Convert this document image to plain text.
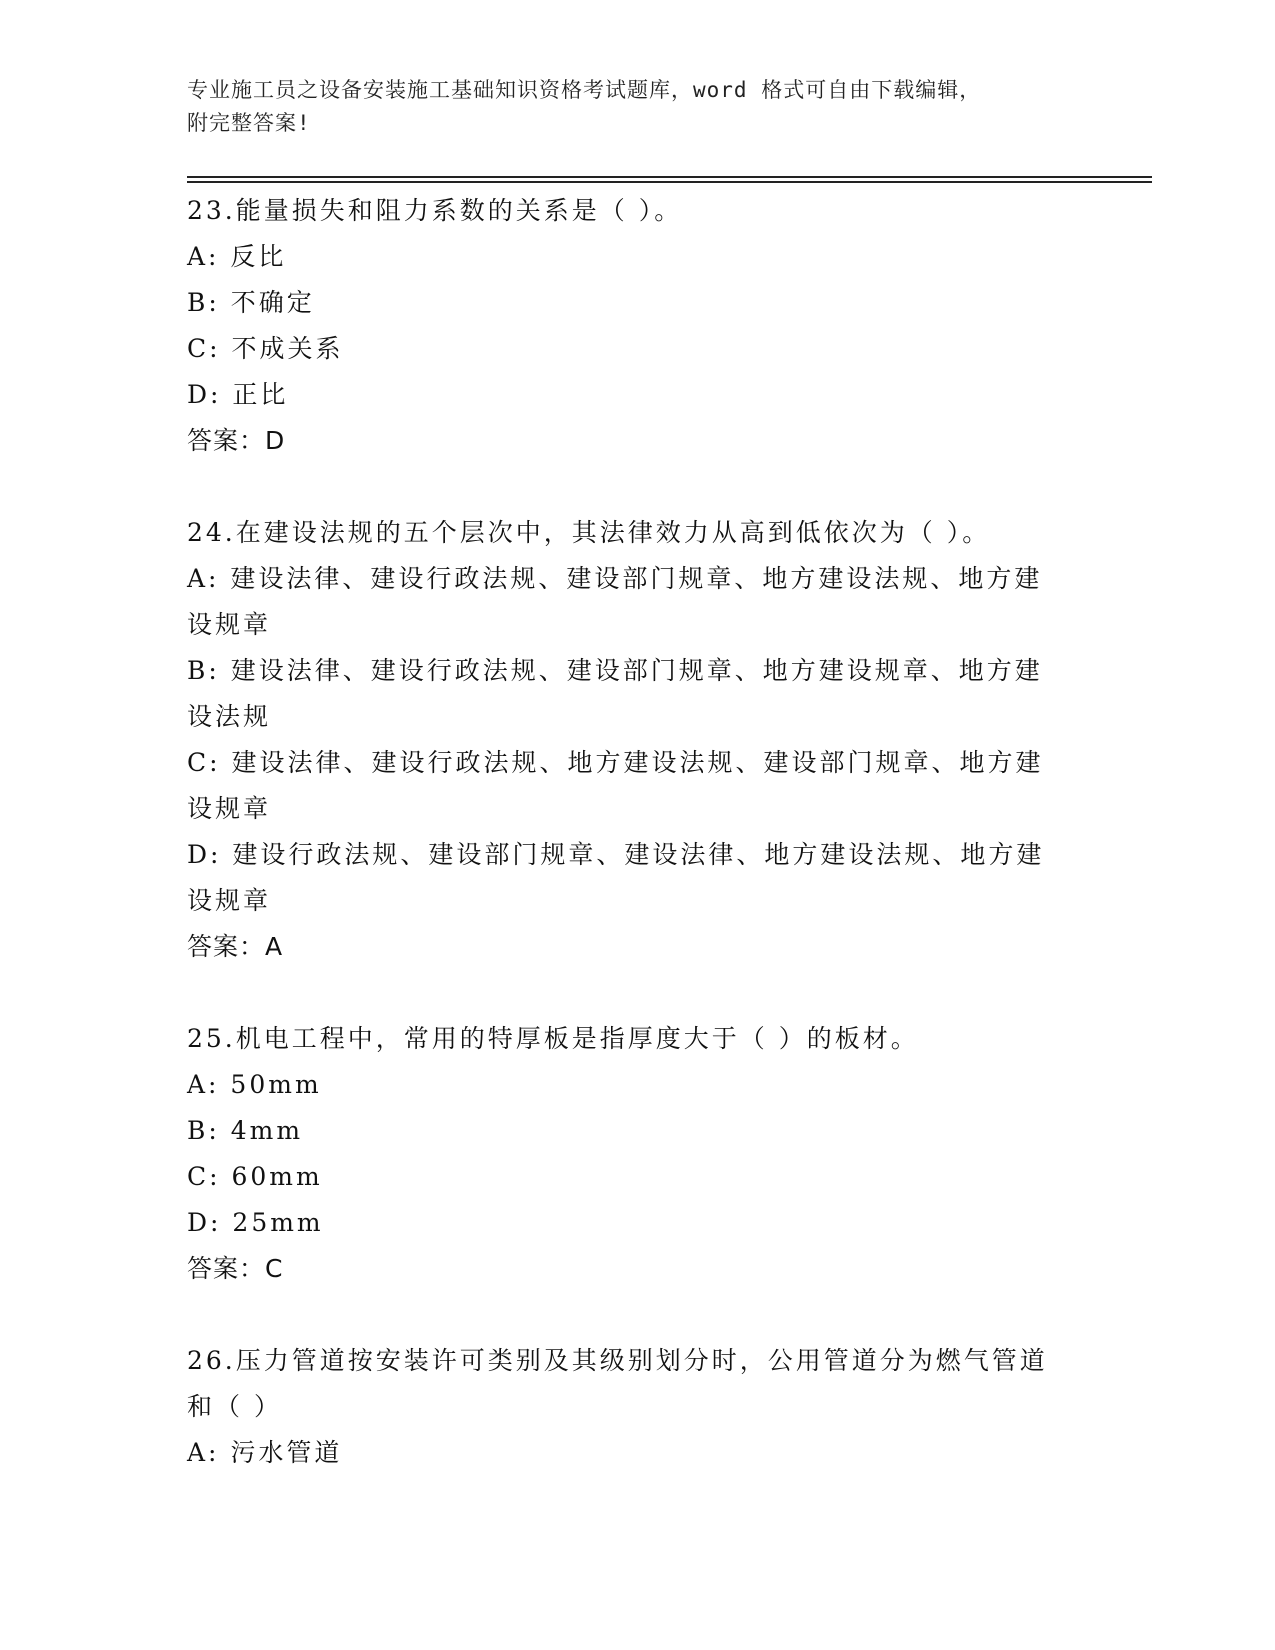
专业施工员之设备安装施工基础知识资格考试题库，word 格式可自由下载编辑，
附完整答案!
23.能量损失和阻力系数的关系是（ ）。
A: 反比
B: 不确定
C: 不成关系
D: 正比
答案：D
24.在建设法规的五个层次中，其法律效力从高到低依次为（ ）。
A: 建设法律、建设行政法规、建设部门规章、地方建设法规、地方建设规章
B: 建设法律、建设行政法规、建设部门规章、地方建设规章、地方建设法规
C: 建设法律、建设行政法规、地方建设法规、建设部门规章、地方建设规章
D: 建设行政法规、建设部门规章、建设法律、地方建设法规、地方建设规章
答案：A
25.机电工程中，常用的特厚板是指厚度大于（ ）的板材。
A: 50mm
B: 4mm
C: 60mm
D: 25mm
答案：C
26.压力管道按安装许可类别及其级别划分时，公用管道分为燃气管道和（ ）
A: 污水管道
